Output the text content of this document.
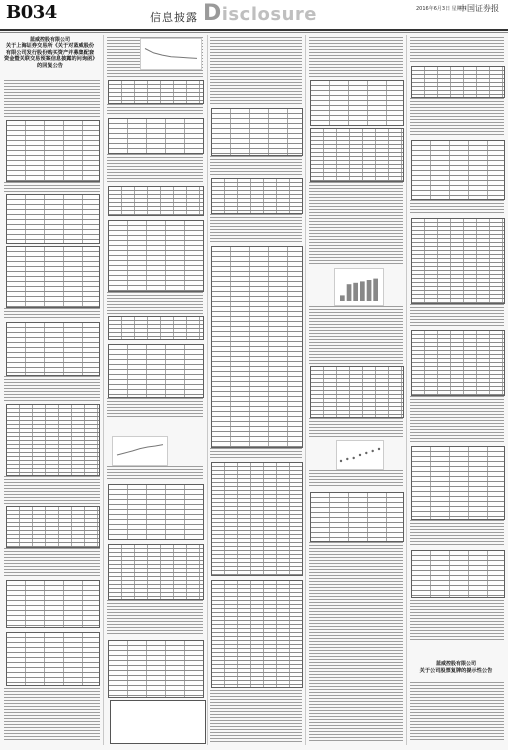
B034	信息披露 Disclosure	2016年6月3日 星期五
中国证券报
蓝威控股有限公司
关于上海证券交易所《关于对蓝威股份
有限公司发行股份购买资产并募集配套
资金暨关联交易预案信息披露的问询函》
的回复公告
蓝威控股有限公司
关于公司股票复牌的提示性公告
